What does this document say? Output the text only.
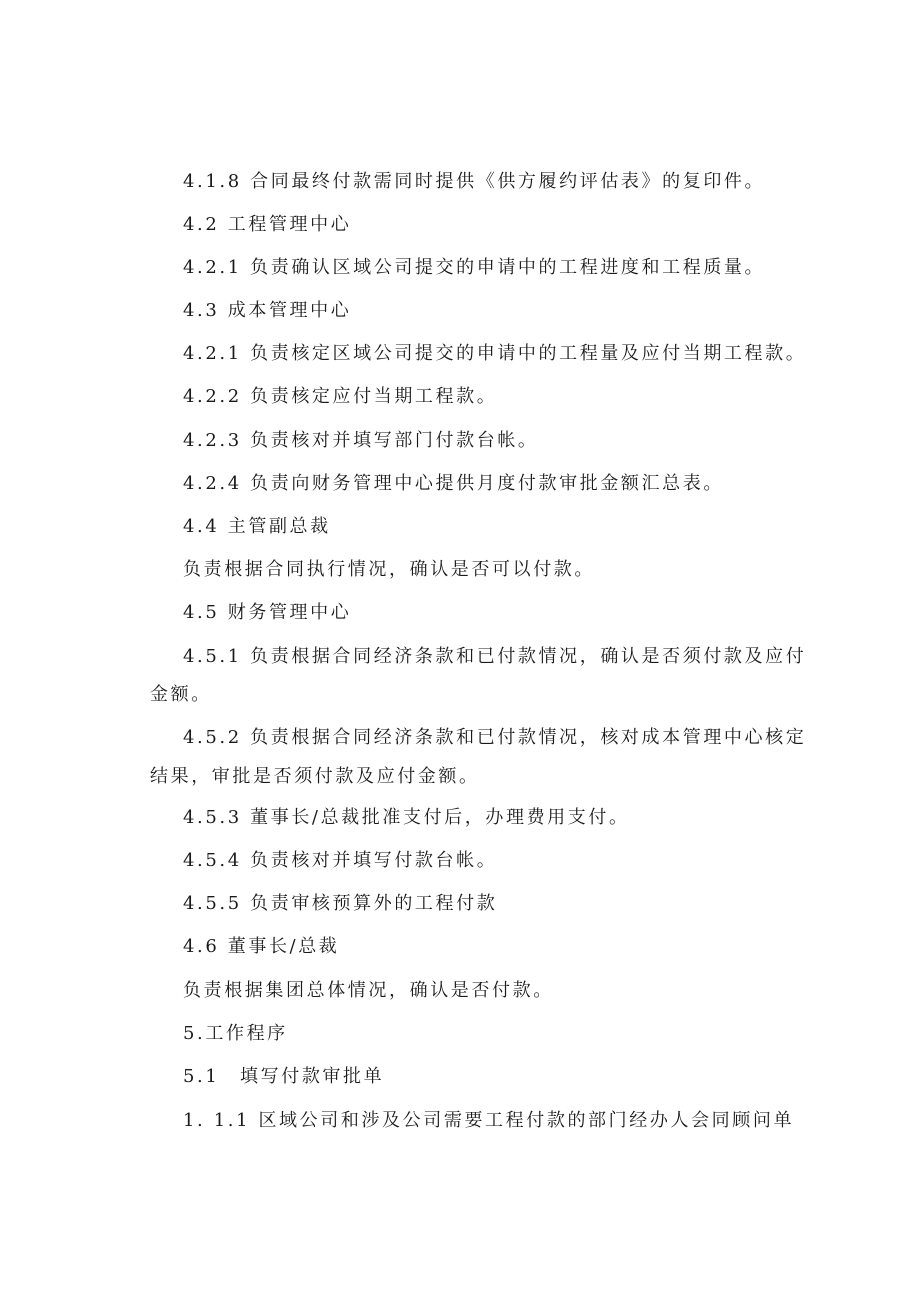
4.1.8 合同最终付款需同时提供《供方履约评估表》的复印件。
4.2 工程管理中心
4.2.1 负责确认区域公司提交的申请中的工程进度和工程质量。
4.3 成本管理中心
4.2.1 负责核定区域公司提交的申请中的工程量及应付当期工程款。
4.2.2 负责核定应付当期工程款。
4.2.3 负责核对并填写部门付款台帐。
4.2.4 负责向财务管理中心提供月度付款审批金额汇总表。
4.4 主管副总裁
负责根据合同执行情况，确认是否可以付款。
4.5 财务管理中心
4.5.1 负责根据合同经济条款和已付款情况，确认是否须付款及应付
金额。
4.5.2 负责根据合同经济条款和已付款情况，核对成本管理中心核定
结果，审批是否须付款及应付金额。
4.5.3 董事长/总裁批准支付后，办理费用支付。
4.5.4 负责核对并填写付款台帐。
4.5.5 负责审核预算外的工程付款
4.6 董事长/总裁
负责根据集团总体情况，确认是否付款。
5.工作程序
5.1　填写付款审批单
1. 1.1 区域公司和涉及公司需要工程付款的部门经办人会同顾问单
